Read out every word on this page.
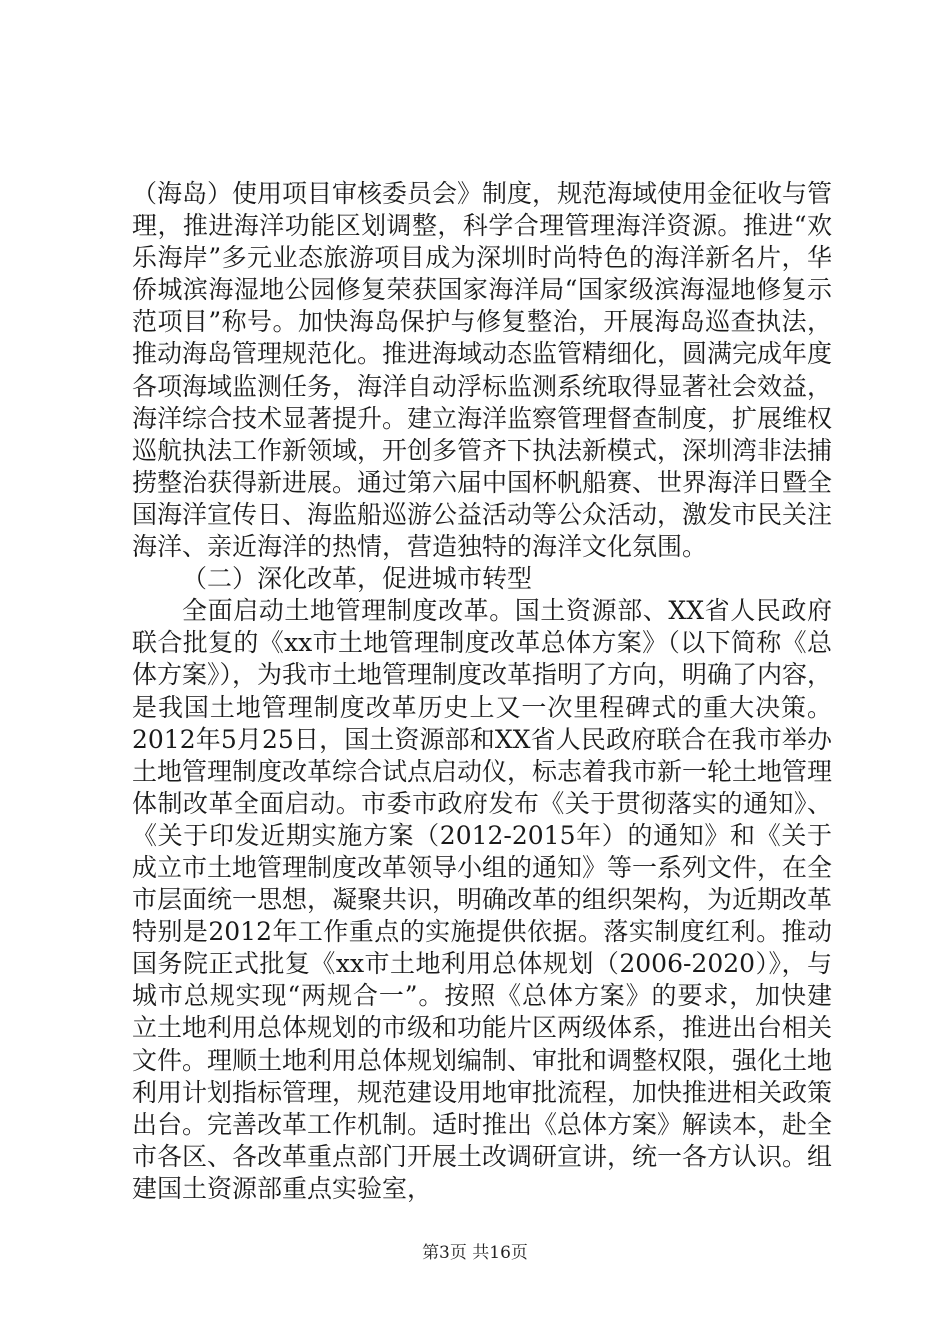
（海岛）使用项目审核委员会》制度，规范海域使用金征收与管理，推进海洋功能区划调整，科学合理管理海洋资源。推进“欢乐海岸”多元业态旅游项目成为深圳时尚特色的海洋新名片，华侨城滨海湿地公园修复荣获国家海洋局“国家级滨海湿地修复示范项目”称号。加快海岛保护与修复整治，开展海岛巡查执法，推动海岛管理规范化。推进海域动态监管精细化，圆满完成年度各项海域监测任务，海洋自动浮标监测系统取得显著社会效益，海洋综合技术显著提升。建立海洋监察管理督查制度，扩展维权巡航执法工作新领域，开创多管齐下执法新模式，深圳湾非法捕捞整治获得新进展。通过第六届中国杯帆船赛、世界海洋日暨全国海洋宣传日、海监船巡游公益活动等公众活动，激发市民关注海洋、亲近海洋的热情，营造独特的海洋文化氛围。

（二）深化改革，促进城市转型

全面启动土地管理制度改革。国土资源部、XX省人民政府联合批复的《xx市土地管理制度改革总体方案》（以下简称《总体方案》），为我市土地管理制度改革指明了方向，明确了内容，是我国土地管理制度改革历史上又一次里程碑式的重大决策。2012年5月25日，国土资源部和XX省人民政府联合在我市举办土地管理制度改革综合试点启动仪，标志着我市新一轮土地管理体制改革全面启动。市委市政府发布《关于贯彻落实的通知》、《关于印发近期实施方案（2012-2015年）的通知》和《关于成立市土地管理制度改革领导小组的通知》等一系列文件，在全市层面统一思想，凝聚共识，明确改革的组织架构，为近期改革特别是2012年工作重点的实施提供依据。落实制度红利。推动国务院正式批复《xx市土地利用总体规划（2006-2020）》，与城市总规实现“两规合一”。按照《总体方案》的要求，加快建立土地利用总体规划的市级和功能片区两级体系，推进出台相关文件。理顺土地利用总体规划编制、审批和调整权限，强化土地利用计划指标管理，规范建设用地审批流程，加快推进相关政策出台。完善改革工作机制。适时推出《总体方案》解读本，赴全市各区、各改革重点部门开展土改调研宣讲，统一各方认识。组建国土资源部重点实验室，

第3页 共16页
